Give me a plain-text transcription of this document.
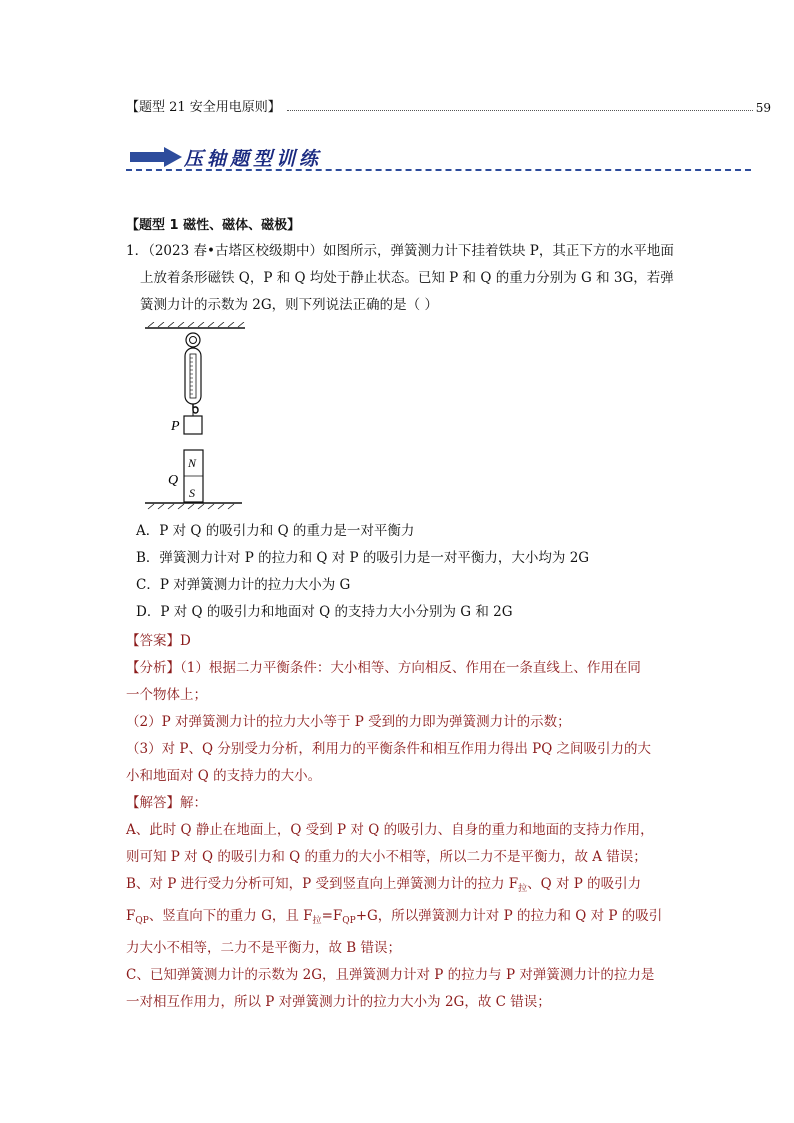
【题型 21 安全用电原则】	59
压轴题型训练
【题型 1 磁性、磁体、磁极】

1．（2023 春•古塔区校级期中）如图所示，弹簧测力计下挂着铁块 P，其正下方的水平地面

上放着条形磁铁 Q，P 和 Q 均处于静止状态。已知 P 和 Q 的重力分别为 G 和 3G，若弹

簧测力计的示数为 2G，则下列说法正确的是（ ）

P
N
S
Q

A．P 对 Q 的吸引力和 Q 的重力是一对平衡力

B．弹簧测力计对 P 的拉力和 Q 对 P 的吸引力是一对平衡力，大小均为 2G

C．P 对弹簧测力计的拉力大小为 G

D．P 对 Q 的吸引力和地面对 Q 的支持力大小分别为 G 和 2G

【答案】D

【分析】（1）根据二力平衡条件：大小相等、方向相反、作用在一条直线上、作用在同

一个物体上；

（2）P 对弹簧测力计的拉力大小等于 P 受到的力即为弹簧测力计的示数；

（3）对 P、Q 分别受力分析，利用力的平衡条件和相互作用力得出 PQ 之间吸引力的大

小和地面对 Q 的支持力的大小。

【解答】解：

A、此时 Q 静止在地面上，Q 受到 P 对 Q 的吸引力、自身的重力和地面的支持力作用，

则可知 P 对 Q 的吸引力和 Q 的重力的大小不相等，所以二力不是平衡力，故 A 错误；

B、对 P 进行受力分析可知，P 受到竖直向上弹簧测力计的拉力 $F_拉$、Q 对 P 的吸引力

$F_{QP}$、竖直向下的重力 G，且 $F_拉=F_{QP}+G$，所以弹簧测力计对 P 的拉力和 Q 对 P 的吸引

力大小不相等，二力不是平衡力，故 B 错误；

C、已知弹簧测力计的示数为 2G，且弹簧测力计对 P 的拉力与 P 对弹簧测力计的拉力是

一对相互作用力，所以 P 对弹簧测力计的拉力大小为 2G，故 C 错误；
